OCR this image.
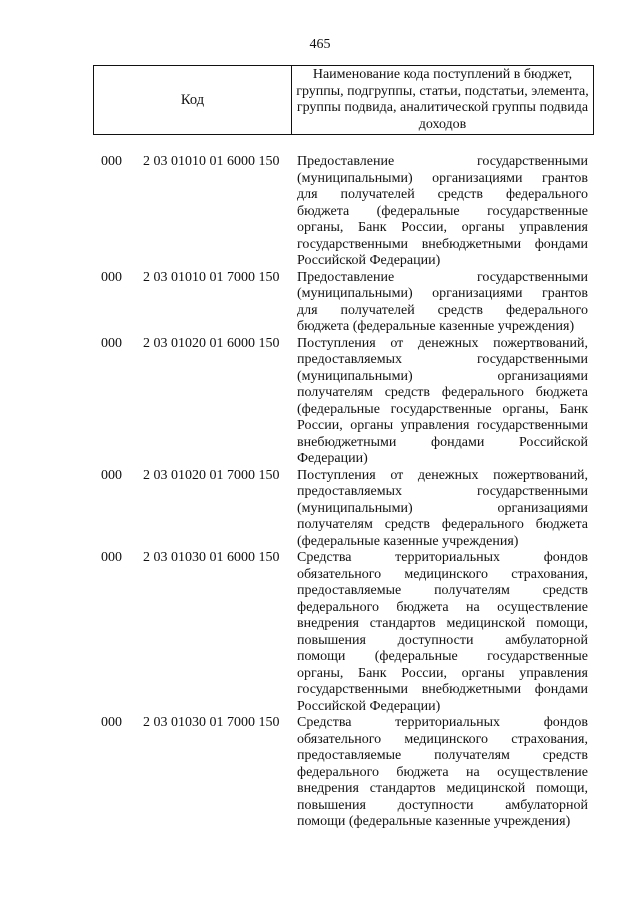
465
Код
Наименование кода поступлений в бюджет, группы, подгруппы, статьи, подстатьи, элемента, группы подвида, аналитической группы подвида доходов
000	2 03 01010 01 6000 150	Предоставление государственными
(муниципальными) организациями грантов
для получателей средств федерального
бюджета (федеральные государственные
органы, Банк России, органы управления
государственными внебюджетными фондами
Российской Федерации)
000	2 03 01010 01 7000 150	Предоставление государственными
(муниципальными) организациями грантов
для получателей средств федерального
бюджета (федеральные казенные учреждения)
000	2 03 01020 01 6000 150	Поступления от денежных пожертвований,
предоставляемых государственными
(муниципальными) организациями
получателям средств федерального бюджета
(федеральные государственные органы, Банк
России, органы управления государственными
внебюджетными фондами Российской
Федерации)
000	2 03 01020 01 7000 150	Поступления от денежных пожертвований,
предоставляемых государственными
(муниципальными) организациями
получателям средств федерального бюджета
(федеральные казенные учреждения)
000	2 03 01030 01 6000 150	Средства территориальных фондов
обязательного медицинского страхования,
предоставляемые получателям средств
федерального бюджета на осуществление
внедрения стандартов медицинской помощи,
повышения доступности амбулаторной
помощи (федеральные государственные
органы, Банк России, органы управления
государственными внебюджетными фондами
Российской Федерации)
000	2 03 01030 01 7000 150	Средства территориальных фондов
обязательного медицинского страхования,
предоставляемые получателям средств
федерального бюджета на осуществление
внедрения стандартов медицинской помощи,
повышения доступности амбулаторной
помощи (федеральные казенные учреждения)
